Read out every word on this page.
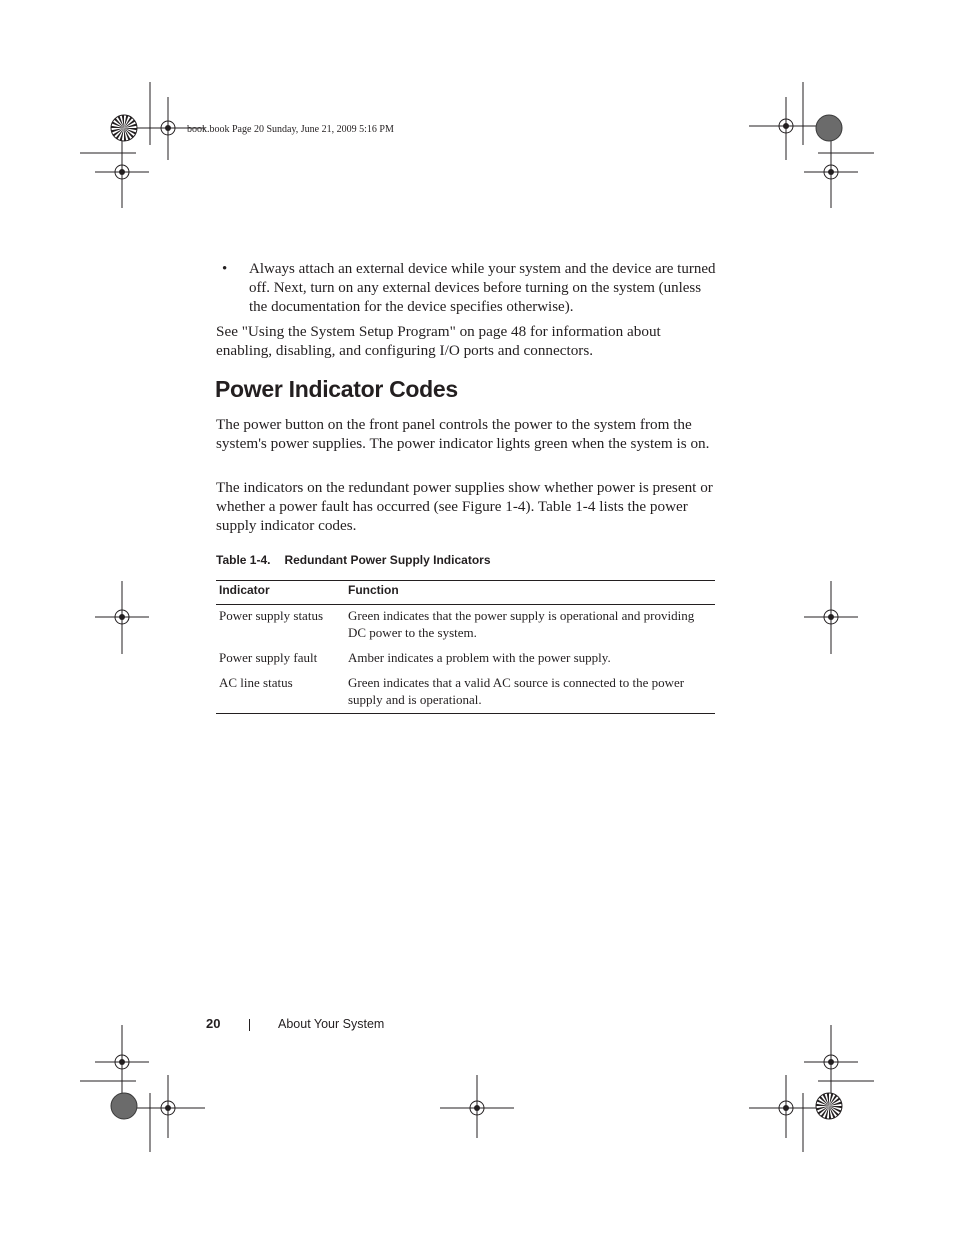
book.book Page 20 Sunday, June 21, 2009 5:16 PM
• Always attach an external device while your system and the device are turned off. Next, turn on any external devices before turning on the system (unless the documentation for the device specifies otherwise).
See "Using the System Setup Program" on page 48 for information about enabling, disabling, and configuring I/O ports and connectors.
Power Indicator Codes
The power button on the front panel controls the power to the system from the system's power supplies. The power indicator lights green when the system is on.
The indicators on the redundant power supplies show whether power is present or whether a power fault has occurred (see Figure 1-4). Table 1-4 lists the power supply indicator codes.
Table 1-4. Redundant Power Supply Indicators
Indicator	Function
Power supply status	Green indicates that the power supply is operational and providing DC power to the system.
Power supply fault	Amber indicates a problem with the power supply.
AC line status	Green indicates that a valid AC source is connected to the power supply and is operational.
20	About Your System
